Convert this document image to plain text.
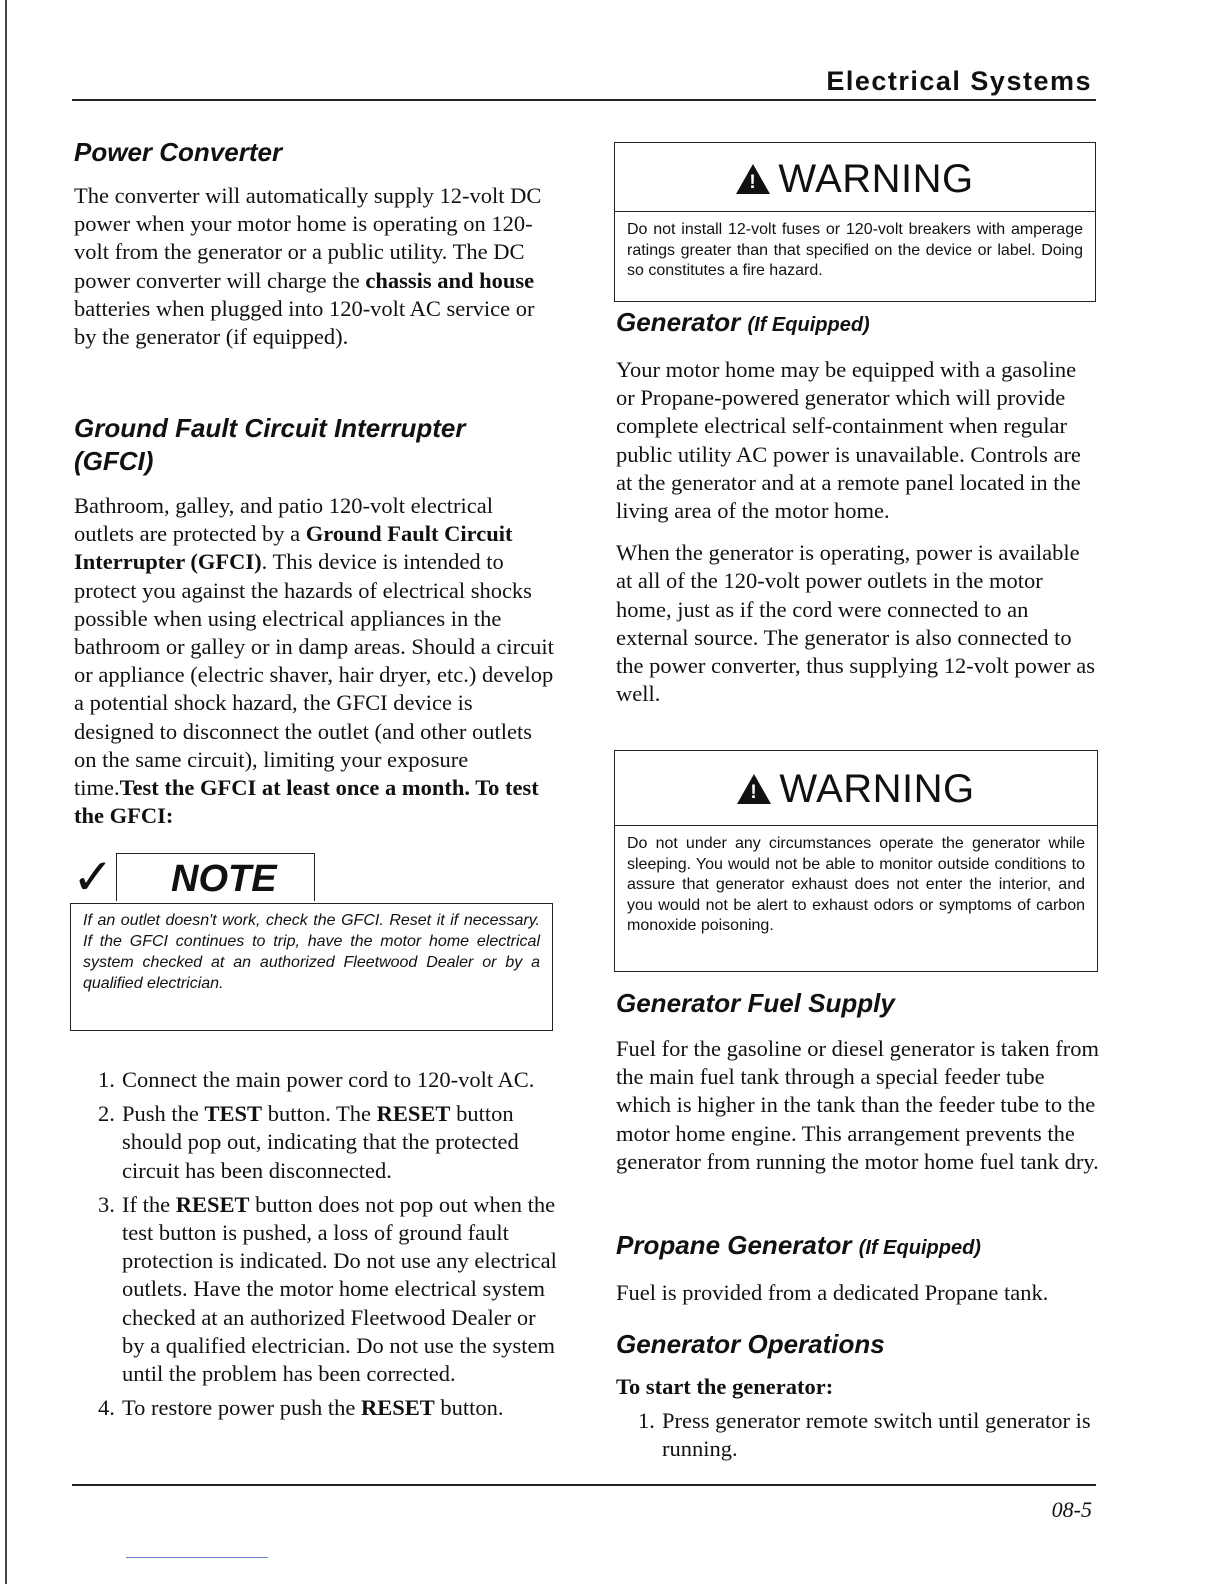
Electrical Systems
Power Converter

The converter will automatically supply 12-volt DC power when your motor home is operating on 120-volt from the generator or a public utility. The DC power converter will charge the chassis and house batteries when plugged into 120-volt AC service or by the generator (if equipped).

Ground Fault Circuit Interrupter
(GFCI)

Bathroom, galley, and patio 120-volt electrical outlets are protected by a Ground Fault Circuit Interrupter (GFCI). This device is intended to protect you against the hazards of electrical shocks possible when using electrical appliances in the bathroom or galley or in damp areas. Should a circuit or appliance (electric shaver, hair dryer, etc.) develop a potential shock hazard, the GFCI device is designed to disconnect the outlet (and other outlets on the same circuit), limiting your exposure time.Test the GFCI at least once a month. To test the GFCI:

✓	NOTE
If an outlet doesn't work, check the GFCI. Reset it if necessary. If the GFCI continues to trip, have the motor home electrical system checked at an authorized Fleetwood Dealer or by a qualified electrician.
1. Connect the main power cord to 120-volt AC.
2. Push the TEST button. The RESET button should pop out, indicating that the protected circuit has been disconnected.
3. If the RESET button does not pop out when the test button is pushed, a loss of ground fault protection is indicated. Do not use any electrical outlets. Have the motor home electrical system checked at an authorized Fleetwood Dealer or by a qualified electrician. Do not use the system until the problem has been corrected.
4. To restore power push the RESET button.
! WARNING
Do not install 12-volt fuses or 120-volt breakers with amperage ratings greater than that specified on the device or label. Doing so constitutes a fire hazard.
Generator (If Equipped)

Your motor home may be equipped with a gasoline or Propane-powered generator which will provide complete electrical self-containment when regular public utility AC power is unavailable. Controls are at the generator and at a remote panel located in the living area of the motor home.

When the generator is operating, power is available at all of the 120-volt power outlets in the motor home, just as if the cord were connected to an external source. The generator is also connected to the power converter, thus supplying 12-volt power as well.

! WARNING
Do not under any circumstances operate the generator while sleeping. You would not be able to monitor outside conditions to assure that generator exhaust does not enter the interior, and you would not be alert to exhaust odors or symptoms of carbon monoxide poisoning.
Generator Fuel Supply

Fuel for the gasoline or diesel generator is taken from the main fuel tank through a special feeder tube which is higher in the tank than the feeder tube to the motor home engine. This arrangement prevents the generator from running the motor home fuel tank dry.

Propane Generator (If Equipped)

Fuel is provided from a dedicated Propane tank.

Generator Operations

To start the generator:

1. Press generator remote switch until generator is running.
08-5
